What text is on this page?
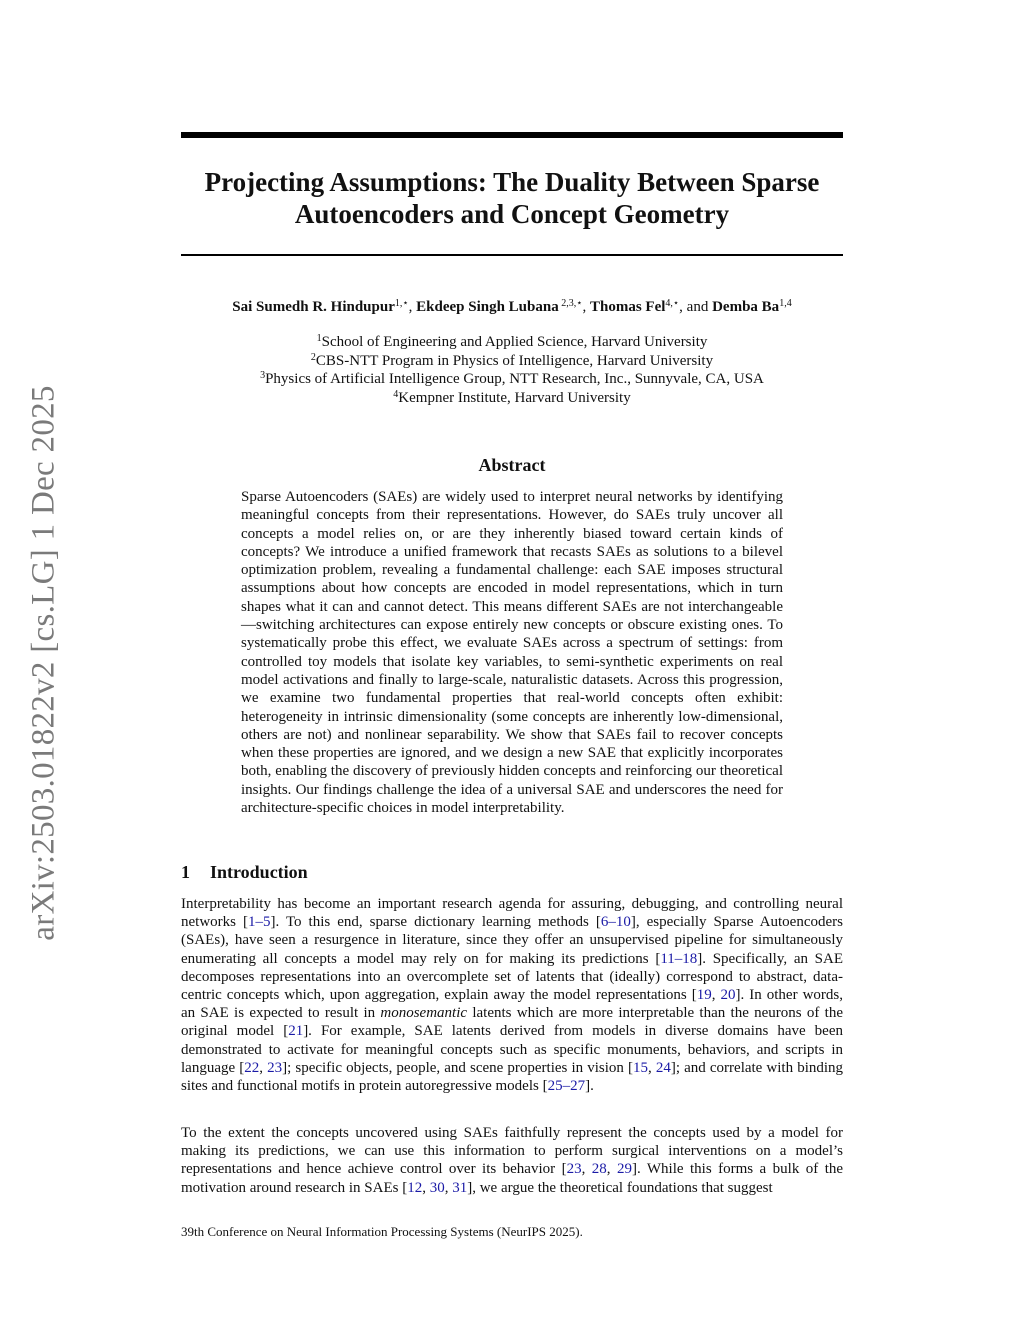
arXiv:2503.01822v2 [cs.LG] 1 Dec 2025
Projecting Assumptions: The Duality Between Sparse
Autoencoders and Concept Geometry
Sai Sumedh R. Hindupur$^{1,⋆}$, Ekdeep Singh Lubana $^{2,3,⋆}$, Thomas Fel$^{4,⋆}$, and Demba Ba$^{1,4}$
$^1$School of Engineering and Applied Science, Harvard University
$^2$CBS-NTT Program in Physics of Intelligence, Harvard University
$^3$Physics of Artificial Intelligence Group, NTT Research, Inc., Sunnyvale, CA, USA
$^4$Kempner Institute, Harvard University
Abstract

Sparse Autoencoders (SAEs) are widely used to interpret neural networks by identifying meaningful concepts from their representations. However, do SAEs truly uncover all concepts a model relies on, or are they inherently biased toward certain kinds of concepts? We introduce a unified framework that recasts SAEs as solutions to a bilevel optimization problem, revealing a fundamental challenge: each SAE imposes structural assumptions about how concepts are encoded in model representations, which in turn shapes what it can and cannot detect. This means different SAEs are not interchangeable—switching architectures can expose entirely new concepts or obscure existing ones. To systematically probe this effect, we evaluate SAEs across a spectrum of settings: from controlled toy models that isolate key variables, to semi-synthetic experiments on real model activations and finally to large-scale, naturalistic datasets. Across this progression, we examine two fundamental properties that real-world concepts often exhibit: heterogeneity in intrinsic dimensionality (some concepts are inherently low-dimensional, others are not) and nonlinear separability. We show that SAEs fail to recover concepts when these properties are ignored, and we design a new SAE that explicitly incorporates both, enabling the discovery of previously hidden concepts and reinforcing our theoretical insights. Our findings challenge the idea of a universal SAE and underscores the need for architecture-specific choices in model interpretability.

1 Introduction

Interpretability has become an important research agenda for assuring, debugging, and controlling neural networks [1–5]. To this end, sparse dictionary learning methods [6–10], especially Sparse Autoencoders (SAEs), have seen a resurgence in literature, since they offer an unsupervised pipeline for simultaneously enumerating all concepts a model may rely on for making its predictions [11–18]. Specifically, an SAE decomposes representations into an overcomplete set of latents that (ideally) correspond to abstract, data-centric concepts which, upon aggregation, explain away the model representations [19, 20]. In other words, an SAE is expected to result in monosemantic latents which are more interpretable than the neurons of the original model [21]. For example, SAE latents derived from models in diverse domains have been demonstrated to activate for meaningful concepts such as specific monuments, behaviors, and scripts in language [22, 23]; specific objects, people, and scene properties in vision [15, 24]; and correlate with binding sites and functional motifs in protein autoregressive models [25–27].

To the extent the concepts uncovered using SAEs faithfully represent the concepts used by a model for making its predictions, we can use this information to perform surgical interventions on a model’s representations and hence achieve control over its behavior [23, 28, 29]. While this forms a bulk of the motivation around research in SAEs [12, 30, 31], we argue the theoretical foundations that suggest

39th Conference on Neural Information Processing Systems (NeurIPS 2025).
